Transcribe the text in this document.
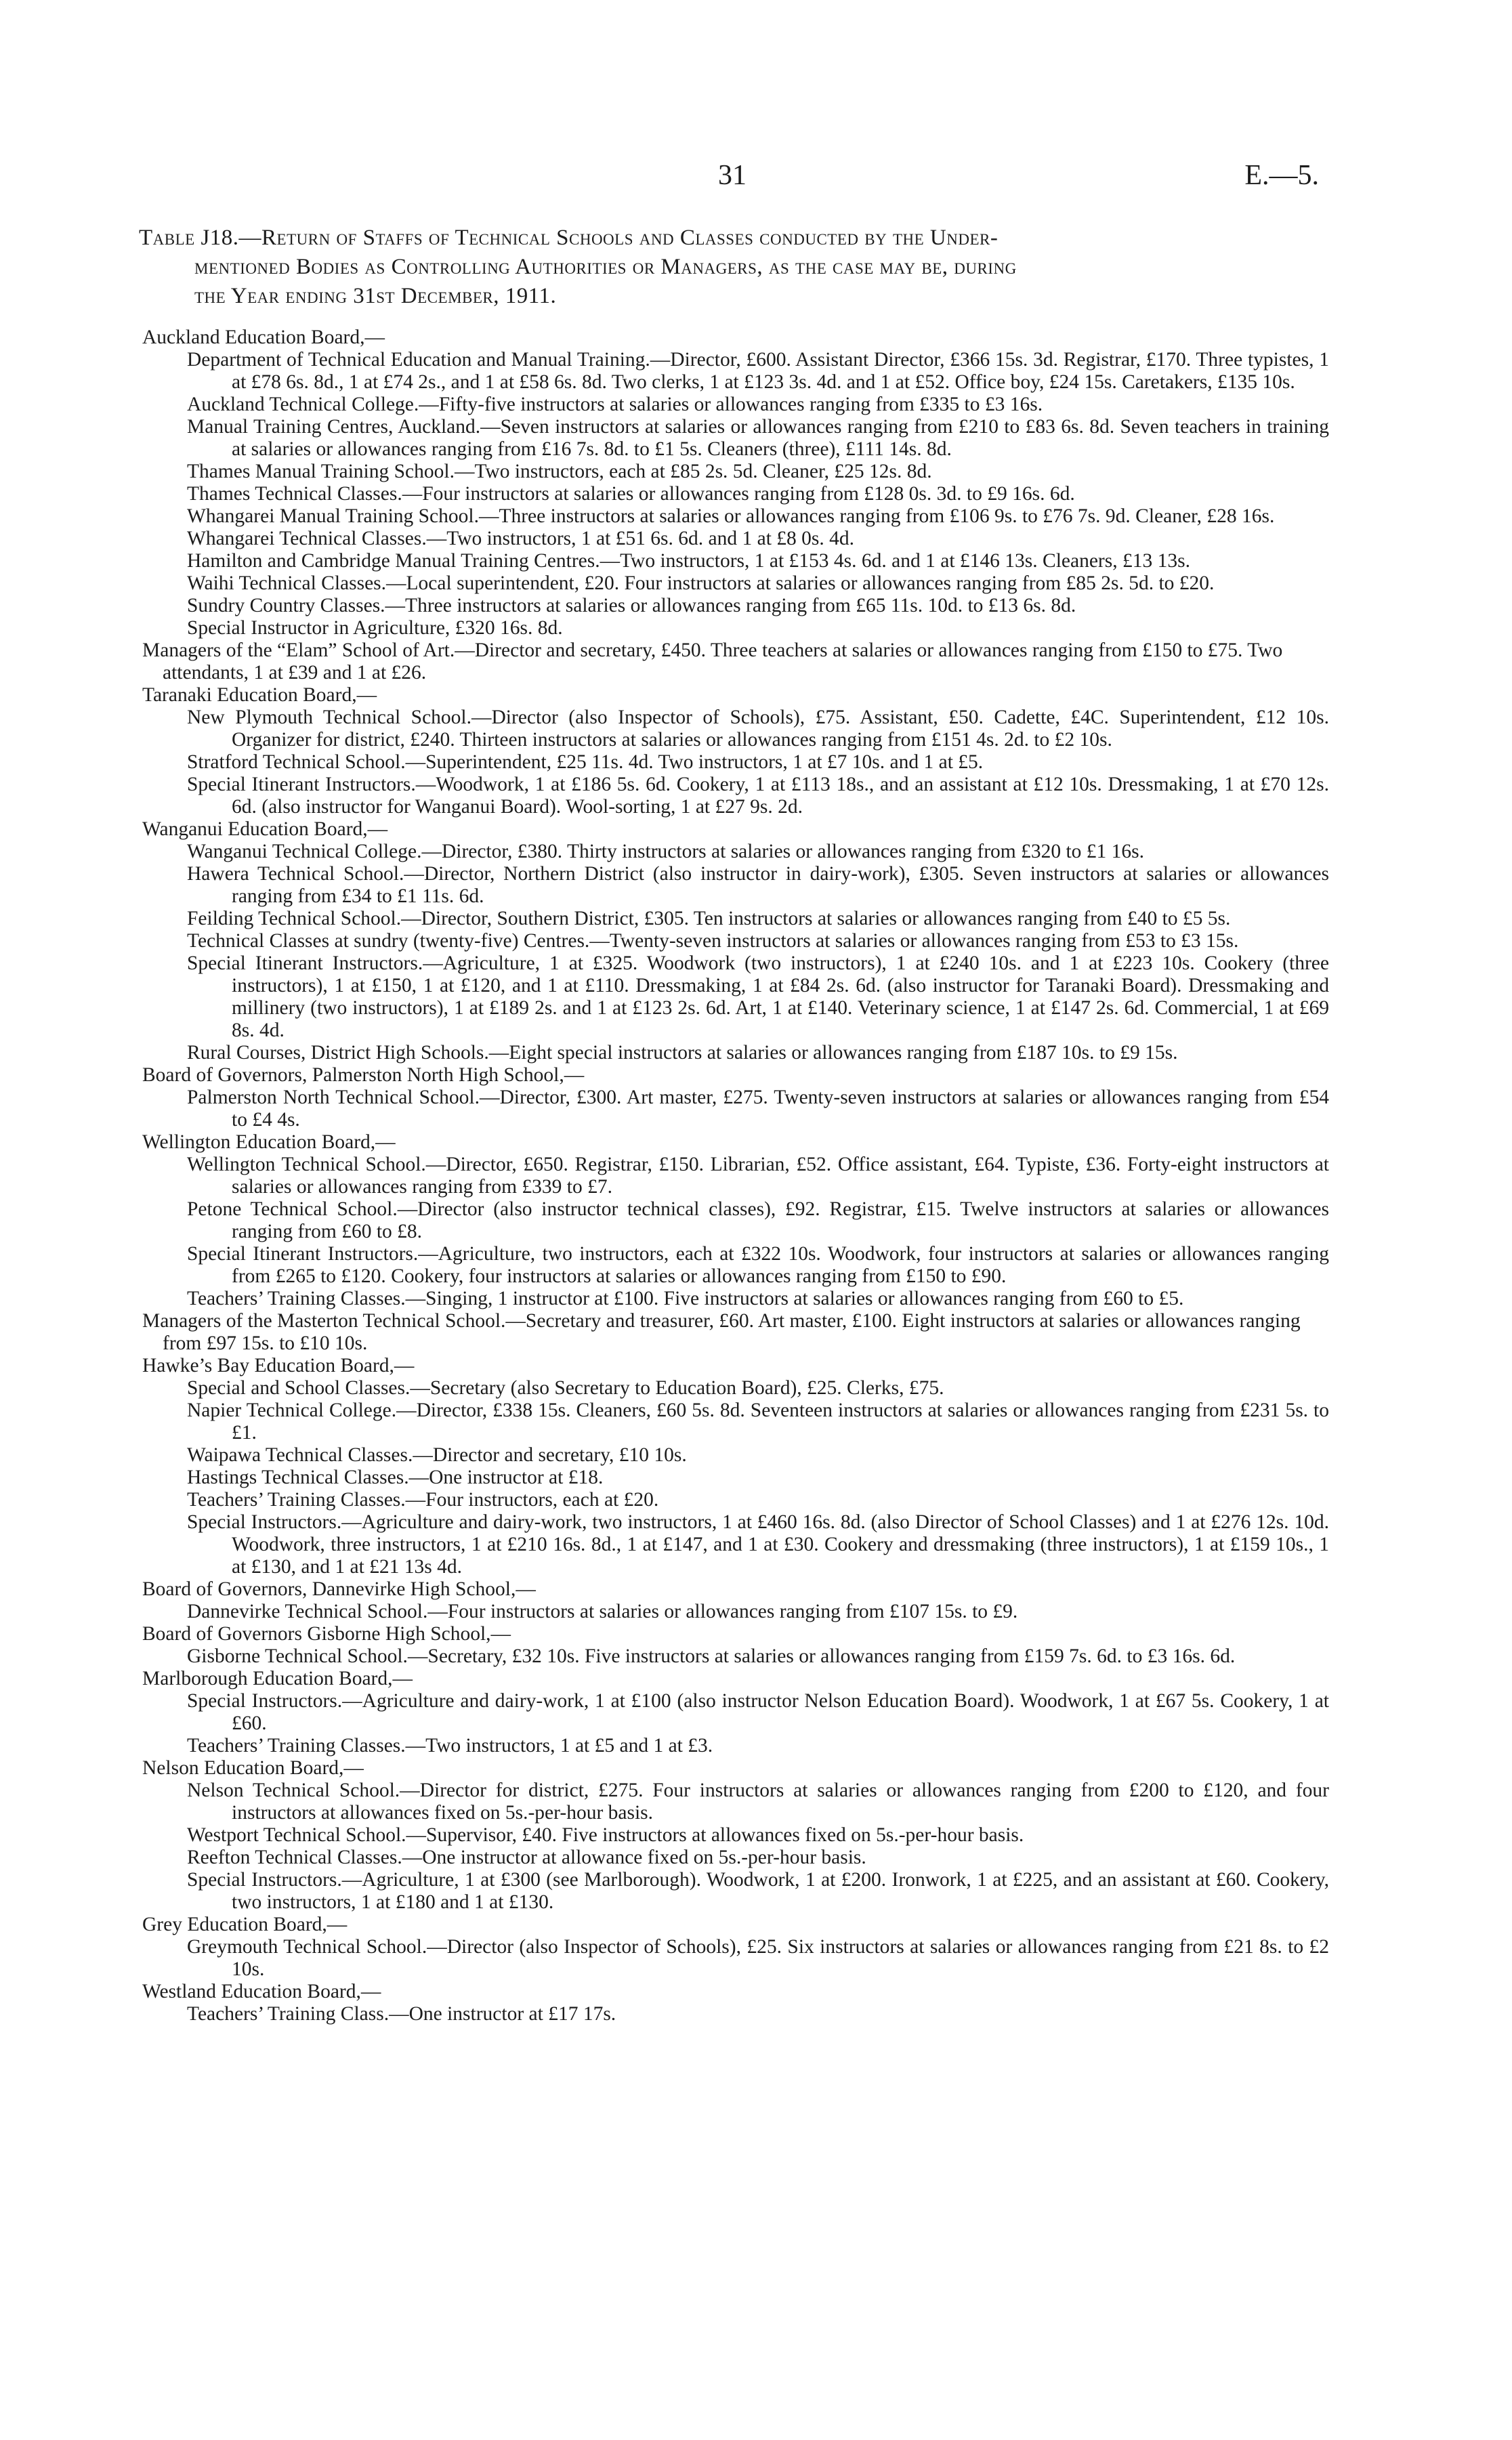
31	E.—5.
Table J18.—Return of Staffs of Technical Schools and Classes conducted by the Under-
mentioned Bodies as Controlling Authorities or Managers, as the case may be, during
the Year ending 31st December, 1911.

Auckland Education Board,—

Department of Technical Education and Manual Training.—Director, £600. Assistant Director, £366 15s. 3d. Registrar, £170. Three typistes, 1 at £78 6s. 8d., 1 at £74 2s., and 1 at £58 6s. 8d. Two clerks, 1 at £123 3s. 4d. and 1 at £52. Office boy, £24 15s. Caretakers, £135 10s.

Auckland Technical College.—Fifty-five instructors at salaries or allowances ranging from £335 to £3 16s.

Manual Training Centres, Auckland.—Seven instructors at salaries or allowances ranging from £210 to £83 6s. 8d. Seven teachers in training at salaries or allowances ranging from £16 7s. 8d. to £1 5s. Cleaners (three), £111 14s. 8d.

Thames Manual Training School.—Two instructors, each at £85 2s. 5d. Cleaner, £25 12s. 8d.

Thames Technical Classes.—Four instructors at salaries or allowances ranging from £128 0s. 3d. to £9 16s. 6d.

Whangarei Manual Training School.—Three instructors at salaries or allowances ranging from £106 9s. to £76 7s. 9d. Cleaner, £28 16s.

Whangarei Technical Classes.—Two instructors, 1 at £51 6s. 6d. and 1 at £8 0s. 4d.

Hamilton and Cambridge Manual Training Centres.—Two instructors, 1 at £153 4s. 6d. and 1 at £146 13s. Cleaners, £13 13s.

Waihi Technical Classes.—Local superintendent, £20. Four instructors at salaries or allowances ranging from £85 2s. 5d. to £20.

Sundry Country Classes.—Three instructors at salaries or allowances ranging from £65 11s. 10d. to £13 6s. 8d.

Special Instructor in Agriculture, £320 16s. 8d.

Managers of the “Elam” School of Art.—Director and secretary, £450. Three teachers at salaries or allowances ranging from £150 to £75. Two attendants, 1 at £39 and 1 at £26.

Taranaki Education Board,—

New Plymouth Technical School.—Director (also Inspector of Schools), £75. Assistant, £50. Cadette, £4C. Superintendent, £12 10s. Organizer for district, £240. Thirteen instructors at salaries or allowances ranging from £151 4s. 2d. to £2 10s.

Stratford Technical School.—Superintendent, £25 11s. 4d. Two instructors, 1 at £7 10s. and 1 at £5.

Special Itinerant Instructors.—Woodwork, 1 at £186 5s. 6d. Cookery, 1 at £113 18s., and an assistant at £12 10s. Dressmaking, 1 at £70 12s. 6d. (also instructor for Wanganui Board). Wool-sorting, 1 at £27 9s. 2d.

Wanganui Education Board,—

Wanganui Technical College.—Director, £380. Thirty instructors at salaries or allowances ranging from £320 to £1 16s.

Hawera Technical School.—Director, Northern District (also instructor in dairy-work), £305. Seven instructors at salaries or allowances ranging from £34 to £1 11s. 6d.

Feilding Technical School.—Director, Southern District, £305. Ten instructors at salaries or allowances ranging from £40 to £5 5s.

Technical Classes at sundry (twenty-five) Centres.—Twenty-seven instructors at salaries or allowances ranging from £53 to £3 15s.

Special Itinerant Instructors.—Agriculture, 1 at £325. Woodwork (two instructors), 1 at £240 10s. and 1 at £223 10s. Cookery (three instructors), 1 at £150, 1 at £120, and 1 at £110. Dressmaking, 1 at £84 2s. 6d. (also instructor for Taranaki Board). Dressmaking and millinery (two instructors), 1 at £189 2s. and 1 at £123 2s. 6d. Art, 1 at £140. Veterinary science, 1 at £147 2s. 6d. Commercial, 1 at £69 8s. 4d.

Rural Courses, District High Schools.—Eight special instructors at salaries or allowances ranging from £187 10s. to £9 15s.

Board of Governors, Palmerston North High School,—

Palmerston North Technical School.—Director, £300. Art master, £275. Twenty-seven instructors at salaries or allowances ranging from £54 to £4 4s.

Wellington Education Board,—

Wellington Technical School.—Director, £650. Registrar, £150. Librarian, £52. Office assistant, £64. Typiste, £36. Forty-eight instructors at salaries or allowances ranging from £339 to £7.

Petone Technical School.—Director (also instructor technical classes), £92. Registrar, £15. Twelve instructors at salaries or allowances ranging from £60 to £8.

Special Itinerant Instructors.—Agriculture, two instructors, each at £322 10s. Woodwork, four instructors at salaries or allowances ranging from £265 to £120. Cookery, four instructors at salaries or allowances ranging from £150 to £90.

Teachers’ Training Classes.—Singing, 1 instructor at £100. Five instructors at salaries or allowances ranging from £60 to £5.

Managers of the Masterton Technical School.—Secretary and treasurer, £60. Art master, £100. Eight instructors at salaries or allowances ranging from £97 15s. to £10 10s.

Hawke’s Bay Education Board,—

Special and School Classes.—Secretary (also Secretary to Education Board), £25. Clerks, £75.

Napier Technical College.—Director, £338 15s. Cleaners, £60 5s. 8d. Seventeen instructors at salaries or allowances ranging from £231 5s. to £1.

Waipawa Technical Classes.—Director and secretary, £10 10s.

Hastings Technical Classes.—One instructor at £18.

Teachers’ Training Classes.—Four instructors, each at £20.

Special Instructors.—Agriculture and dairy-work, two instructors, 1 at £460 16s. 8d. (also Director of School Classes) and 1 at £276 12s. 10d. Woodwork, three instructors, 1 at £210 16s. 8d., 1 at £147, and 1 at £30. Cookery and dressmaking (three instructors), 1 at £159 10s., 1 at £130, and 1 at £21 13s 4d.

Board of Governors, Dannevirke High School,—

Dannevirke Technical School.—Four instructors at salaries or allowances ranging from £107 15s. to £9.

Board of Governors Gisborne High School,—

Gisborne Technical School.—Secretary, £32 10s. Five instructors at salaries or allowances ranging from £159 7s. 6d. to £3 16s. 6d.

Marlborough Education Board,—

Special Instructors.—Agriculture and dairy-work, 1 at £100 (also instructor Nelson Education Board). Woodwork, 1 at £67 5s. Cookery, 1 at £60.

Teachers’ Training Classes.—Two instructors, 1 at £5 and 1 at £3.

Nelson Education Board,—

Nelson Technical School.—Director for district, £275. Four instructors at salaries or allowances ranging from £200 to £120, and four instructors at allowances fixed on 5s.-per-hour basis.

Westport Technical School.—Supervisor, £40. Five instructors at allowances fixed on 5s.-per-hour basis.

Reefton Technical Classes.—One instructor at allowance fixed on 5s.-per-hour basis.

Special Instructors.—Agriculture, 1 at £300 (see Marlborough). Woodwork, 1 at £200. Ironwork, 1 at £225, and an assistant at £60. Cookery, two instructors, 1 at £180 and 1 at £130.

Grey Education Board,—

Greymouth Technical School.—Director (also Inspector of Schools), £25. Six instructors at salaries or allowances ranging from £21 8s. to £2 10s.

Westland Education Board,—

Teachers’ Training Class.—One instructor at £17 17s.
